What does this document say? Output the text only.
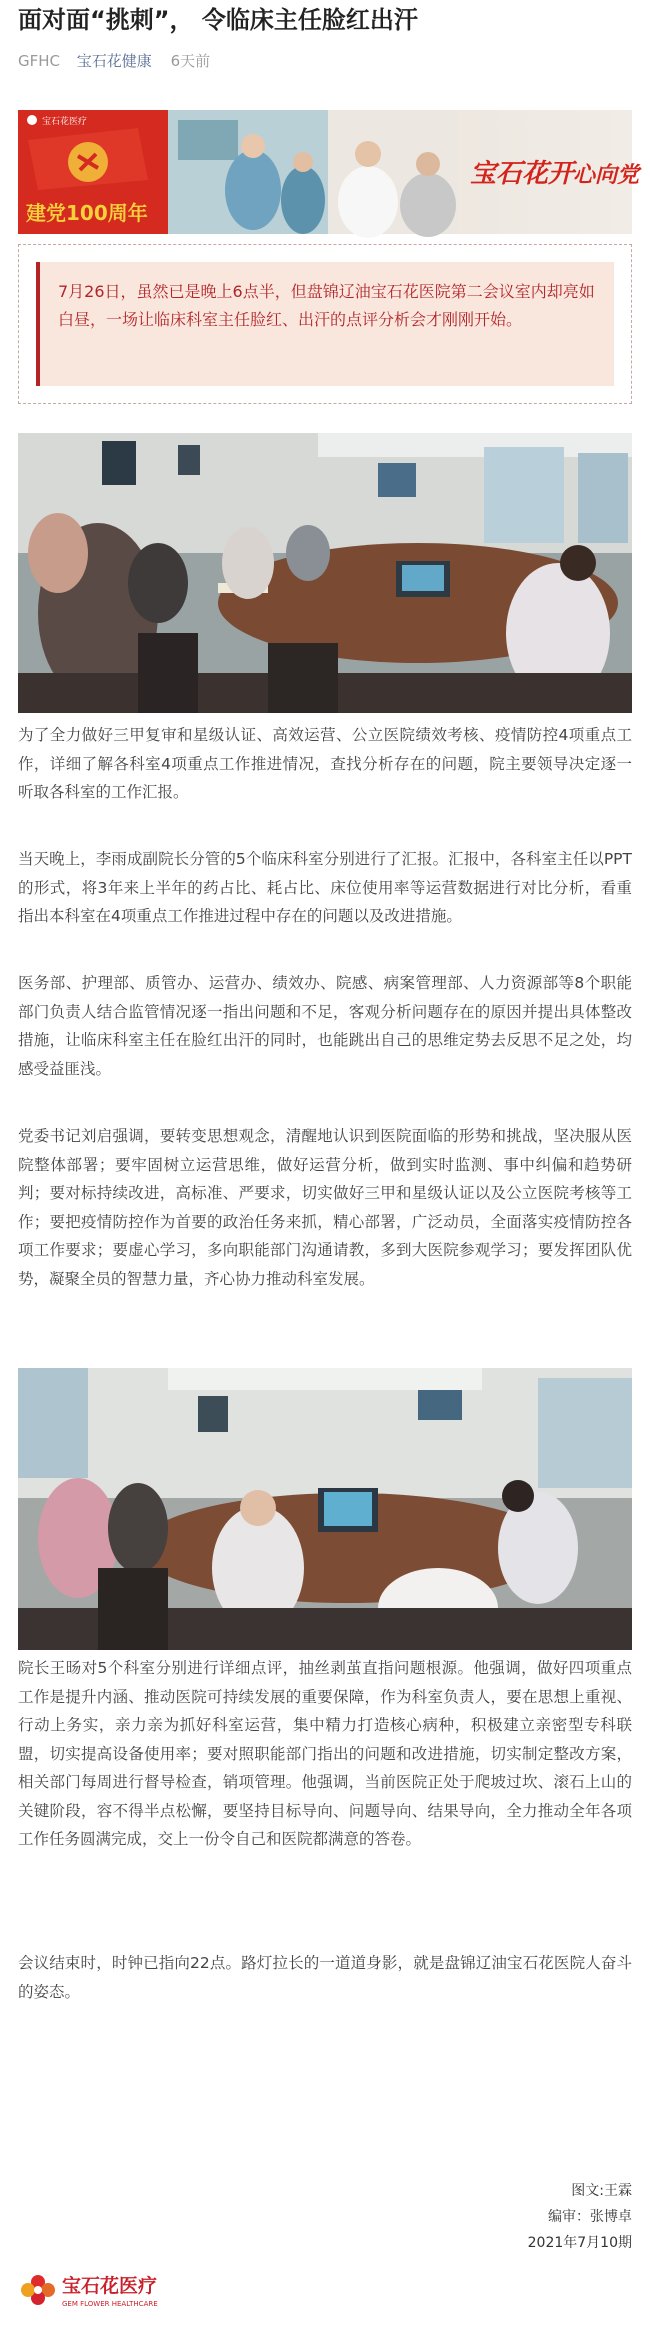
面对面“挑刺”， 令临床主任脸红出汗
GFHC 宝石花健康 6天前
建党100周年
宝石花医疗
宝石花开
心向党
7月26日，虽然已是晚上6点半，但盘锦辽油宝石花医院第二会议室内却亮如白昼，一场让临床科室主任脸红、出汗的点评分析会才刚刚开始。

为了全力做好三甲复审和星级认证、高效运营、公立医院绩效考核、疫情防控4项重点工作，详细了解各科室4项重点工作推进情况，查找分析存在的问题，院主要领导决定逐一听取各科室的工作汇报。

当天晚上，李雨成副院长分管的5个临床科室分别进行了汇报。汇报中，各科室主任以PPT的形式，将3年来上半年的药占比、耗占比、床位使用率等运营数据进行对比分析，看重指出本科室在4项重点工作推进过程中存在的问题以及改进措施。

医务部、护理部、质管办、运营办、绩效办、院感、病案管理部、人力资源部等8个职能部门负责人结合监管情况逐一指出问题和不足，客观分析问题存在的原因并提出具体整改措施，让临床科室主任在脸红出汗的同时，也能跳出自己的思维定势去反思不足之处，均感受益匪浅。

党委书记刘启强调，要转变思想观念，清醒地认识到医院面临的形势和挑战，坚决服从医院整体部署；要牢固树立运营思维，做好运营分析，做到实时监测、事中纠偏和趋势研判；要对标持续改进，高标准、严要求，切实做好三甲和星级认证以及公立医院考核等工作；要把疫情防控作为首要的政治任务来抓，精心部署，广泛动员，全面落实疫情防控各项工作要求；要虚心学习，多向职能部门沟通请教，多到大医院参观学习；要发挥团队优势，凝聚全员的智慧力量，齐心协力推动科室发展。

院长王旸对5个科室分别进行详细点评，抽丝剥茧直指问题根源。他强调，做好四项重点工作是提升内涵、推动医院可持续发展的重要保障，作为科室负责人，要在思想上重视、行动上务实，亲力亲为抓好科室运营，集中精力打造核心病种，积极建立亲密型专科联盟，切实提高设备使用率；要对照职能部门指出的问题和改进措施，切实制定整改方案，相关部门每周进行督导检查，销项管理。他强调，当前医院正处于爬坡过坎、滚石上山的关键阶段，容不得半点松懈，要坚持目标导向、问题导向、结果导向，全力推动全年各项工作任务圆满完成，交上一份令自己和医院都满意的答卷。

会议结束时，时钟已指向22点。路灯拉长的一道道身影，就是盘锦辽油宝石花医院人奋斗的姿态。

图文:王霖
编审：张博卓
2021年7月10期
宝石花医疗
GEM FLOWER HEALTHCARE
